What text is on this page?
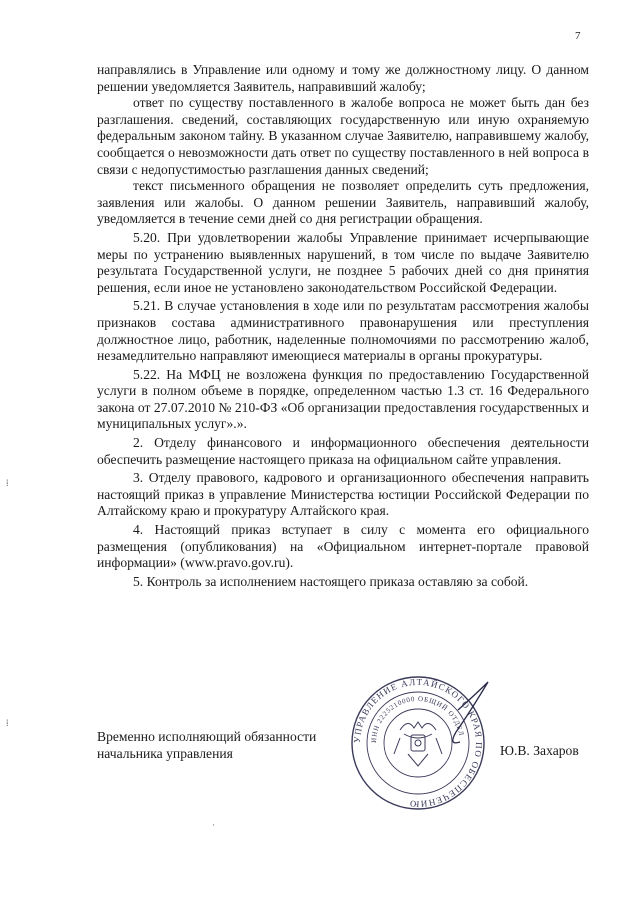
7

направлялись в Управление или одному и тому же должностному лицу. О данном решении уведомляется Заявитель, направивший жалобу;

ответ по существу поставленного в жалобе вопроса не может быть дан без разглашения. сведений, составляющих государственную или иную охраняемую федеральным законом тайну. В указанном случае Заявителю, направившему жалобу, сообщается о невозможности дать ответ по существу поставленного в ней вопроса в связи с недопустимостью разглашения данных сведений;

текст письменного обращения не позволяет определить суть предложения, заявления или жалобы. О данном решении Заявитель, направивший жалобу, уведомляется в течение семи дней со дня регистрации обращения.

5.20. При удовлетворении жалобы Управление принимает исчерпывающие меры по устранению выявленных нарушений, в том числе по выдаче Заявителю результата Государственной услуги, не позднее 5 рабочих дней со дня принятия решения, если иное не установлено законодательством Российской Федерации.

5.21. В случае установления в ходе или по результатам рассмотрения жалобы признаков состава административного правонарушения или преступления должностное лицо, работник, наделенные полномочиями по рассмотрению жалоб, незамедлительно направляют имеющиеся материалы в органы прокуратуры.

5.22. На МФЦ не возложена функция по предоставлению Государственной услуги в полном объеме в порядке, определенном частью 1.3 ст. 16 Федерального закона от 27.07.2010 № 210-ФЗ «Об организации предоставления государственных и муниципальных услуг».».

2. Отделу финансового и информационного обеспечения деятельности обеспечить размещение настоящего приказа на официальном сайте управления.

3. Отделу правового, кадрового и организационного обеспечения направить настоящий приказ в управление Министерства юстиции Российской Федерации по Алтайскому краю и прокуратуру Алтайского края.

4. Настоящий приказ вступает в силу с момента его официального размещения (опубликования) на «Официальном интернет-портале правовой информации» (www.pravo.gov.ru).

5. Контроль за исполнением настоящего приказа оставляю за собой.

Временно исполняющий обязанности
начальника управления	Ю.В. Захаров
УПРАВЛЕНИЕ АЛТАЙСКОГО КРАЯ ПО ОБЕСПЕЧЕНИЮ
ИНН 2225210000 ОБЩИЙ ОТДЕЛ
⁞
⁞
·
